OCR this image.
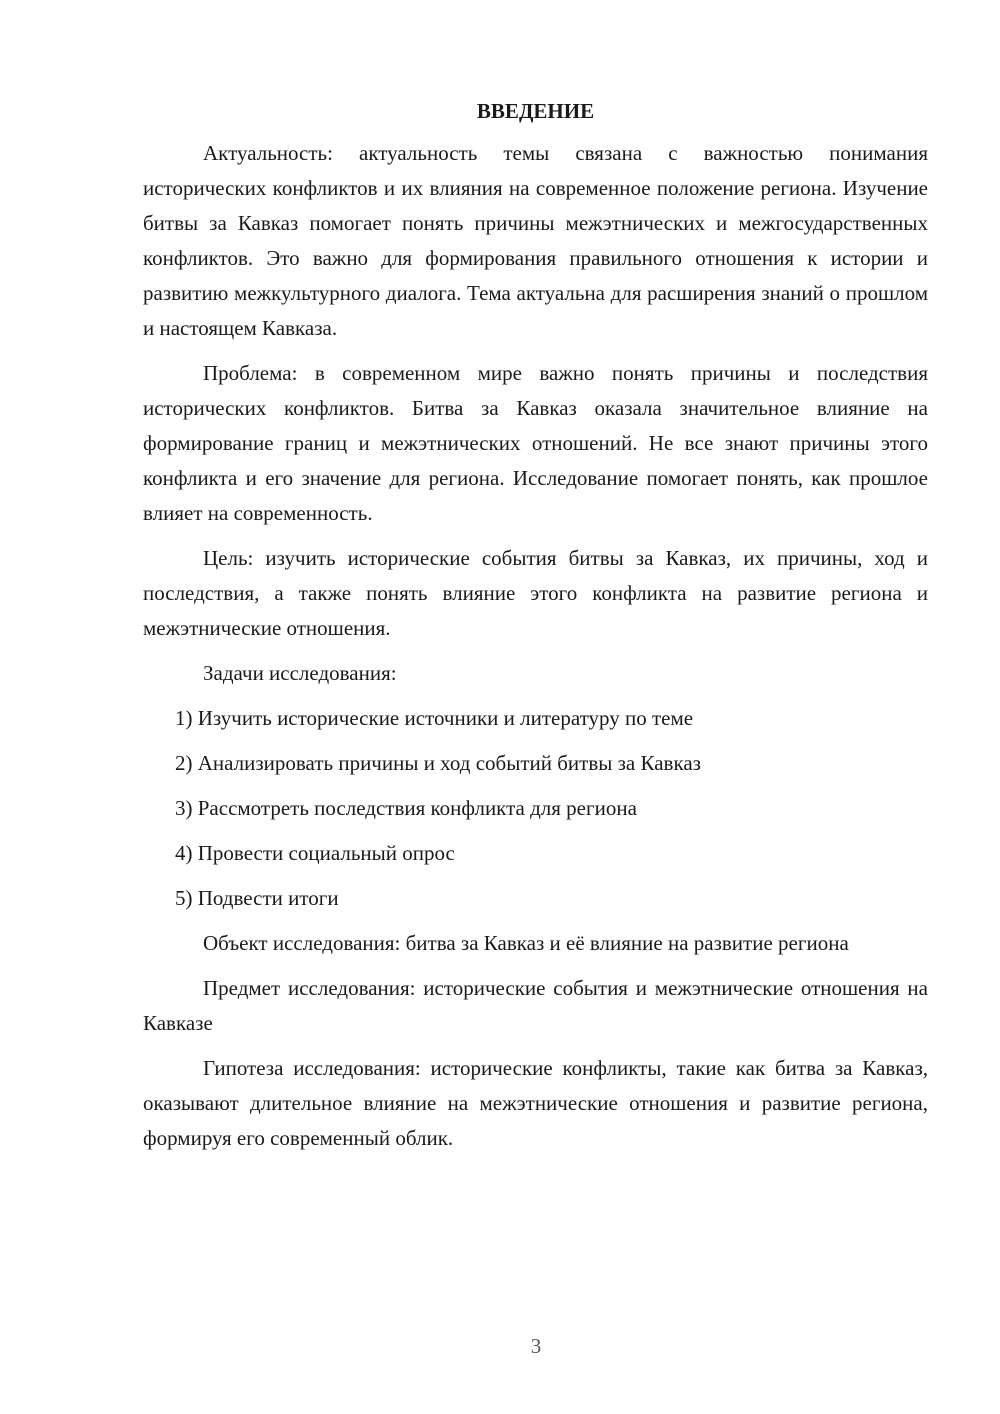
ВВЕДЕНИЕ

Актуальность: актуальность темы связана с важностью понимания исторических конфликтов и их влияния на современное положение региона. Изучение битвы за Кавказ помогает понять причины межэтнических и межгосударственных конфликтов. Это важно для формирования правильного отношения к истории и развитию межкультурного диалога. Тема актуальна для расширения знаний о прошлом и настоящем Кавказа.

Проблема: в современном мире важно понять причины и последствия исторических конфликтов. Битва за Кавказ оказала значительное влияние на формирование границ и межэтнических отношений. Не все знают причины этого конфликта и его значение для региона. Исследование помогает понять, как прошлое влияет на современность.

Цель: изучить исторические события битвы за Кавказ, их причины, ход и последствия, а также понять влияние этого конфликта на развитие региона и межэтнические отношения.

Задачи исследования:

1) Изучить исторические источники и литературу по теме

2) Анализировать причины и ход событий битвы за Кавказ

3) Рассмотреть последствия конфликта для региона

4) Провести социальный опрос

5) Подвести итоги

Объект исследования: битва за Кавказ и её влияние на развитие региона

Предмет исследования: исторические события и межэтнические отношения на Кавказе

Гипотеза исследования: исторические конфликты, такие как битва за Кавказ, оказывают длительное влияние на межэтнические отношения и развитие региона, формируя его современный облик.

3
